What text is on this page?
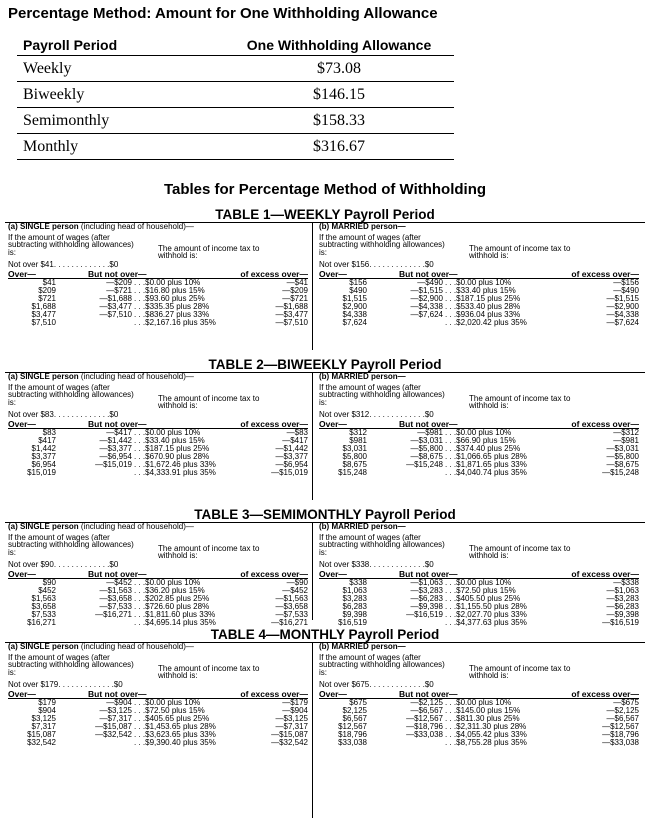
Percentage Method: Amount for One Withholding Allowance
Payroll Period	One Withholding Allowance
Weekly	$73.08
Biweekly	$146.15
Semimonthly	$158.33
Monthly	$316.67
Tables for Percentage Method of Withholding
TABLE 1—WEEKLY Payroll Period
(a) SINGLE person (including head of household)—
If the amount of wages (after subtracting withholding allowances) is:	The amount of income tax to withhold is:
Not over $41. . . . . . . . . . . . .$0
Over—	But not over—	of excess over—
$41	—$209 . . .$0.00 plus 10%	—$41
$209	—$721 . . .$16.80 plus 15%	—$209
$721	—$1,688 . . .$93.60 plus 25%	—$721
$1,688	—$3,477 . . .$335.35 plus 28%	—$1,688
$3,477	—$7,510 . . .$836.27 plus 33%	—$3,477
$7,510	. . .$2,167.16 plus 35%	—$7,510
(b) MARRIED person—
If the amount of wages (after subtracting withholding allowances) is:	The amount of income tax to withhold is:
Not over $156. . . . . . . . . . . . .$0
Over—	But not over—	of excess over—
$156	—$490 . . .$0.00 plus 10%	—$156
$490	—$1,515 . . .$33.40 plus 15%	—$490
$1,515	—$2,900 . . .$187.15 plus 25%	—$1,515
$2,900	—$4,338 . . .$533.40 plus 28%	—$2,900
$4,338	—$7,624 . . .$936.04 plus 33%	—$4,338
$7,624	. . .$2,020.42 plus 35%	—$7,624
TABLE 2—BIWEEKLY Payroll Period
(a) SINGLE person (including head of household)—
If the amount of wages (after subtracting withholding allowances) is:	The amount of income tax to withhold is:
Not over $83. . . . . . . . . . . . .$0
Over—	But not over—	of excess over—
$83	—$417 . . .$0.00 plus 10%	—$83
$417	—$1,442 . . .$33.40 plus 15%	—$417
$1,442	—$3,377 . . .$187.15 plus 25%	—$1,442
$3,377	—$6,954 . . .$670.90 plus 28%	—$3,377
$6,954	—$15,019 . . .$1,672.46 plus 33%	—$6,954
$15,019	. . .$4,333.91 plus 35%	—$15,019
(b) MARRIED person—
If the amount of wages (after subtracting withholding allowances) is:	The amount of income tax to withhold is:
Not over $312. . . . . . . . . . . . .$0
Over—	But not over—	of excess over—
$312	—$981 . . .$0.00 plus 10%	—$312
$981	—$3,031 . . .$66.90 plus 15%	—$981
$3,031	—$5,800 . . .$374.40 plus 25%	—$3,031
$5,800	—$8,675 . . .$1,066.65 plus 28%	—$5,800
$8,675	—$15,248 . . .$1,871.65 plus 33%	—$8,675
$15,248	. . .$4,040.74 plus 35%	—$15,248
TABLE 3—SEMIMONTHLY Payroll Period
(a) SINGLE person (including head of household)—
If the amount of wages (after subtracting withholding allowances) is:	The amount of income tax to withhold is:
Not over $90. . . . . . . . . . . . .$0
Over—	But not over—	of excess over—
$90	—$452 . . .$0.00 plus 10%	—$90
$452	—$1,563 . . .$36.20 plus 15%	—$452
$1,563	—$3,658 . . .$202.85 plus 25%	—$1,563
$3,658	—$7,533 . . .$726.60 plus 28%	—$3,658
$7,533	—$16,271 . . .$1,811.60 plus 33%	—$7,533
$16,271	. . .$4,695.14 plus 35%	—$16,271
(b) MARRIED person—
If the amount of wages (after subtracting withholding allowances) is:	The amount of income tax to withhold is:
Not over $338. . . . . . . . . . . . .$0
Over—	But not over—	of excess over—
$338	—$1,063 . . .$0.00 plus 10%	—$338
$1,063	—$3,283 . . .$72.50 plus 15%	—$1,063
$3,283	—$6,283 . . .$405.50 plus 25%	—$3,283
$6,283	—$9,398 . . .$1,155.50 plus 28%	—$6,283
$9,398	—$16,519 . . .$2,027.70 plus 33%	—$9,398
$16,519	. . .$4,377.63 plus 35%	—$16,519
TABLE 4—MONTHLY Payroll Period
(a) SINGLE person (including head of household)—
If the amount of wages (after subtracting withholding allowances) is:	The amount of income tax to withhold is:
Not over $179. . . . . . . . . . . . .$0
Over—	But not over—	of excess over—
$179	—$904 . . .$0.00 plus 10%	—$179
$904	—$3,125 . . .$72.50 plus 15%	—$904
$3,125	—$7,317 . . .$405.65 plus 25%	—$3,125
$7,317	—$15,087 . . .$1,453.65 plus 28%	—$7,317
$15,087	—$32,542 . . .$3,623.65 plus 33%	—$15,087
$32,542	. . .$9,390.40 plus 35%	—$32,542
(b) MARRIED person—
If the amount of wages (after subtracting withholding allowances) is:	The amount of income tax to withhold is:
Not over $675. . . . . . . . . . . . .$0
Over—	But not over—	of excess over—
$675	—$2,125 . . .$0.00 plus 10%	—$675
$2,125	—$6,567 . . .$145.00 plus 15%	—$2,125
$6,567	—$12,567 . . .$811.30 plus 25%	—$6,567
$12,567	—$18,796 . . .$2,311.30 plus 28%	—$12,567
$18,796	—$33,038 . . .$4,055.42 plus 33%	—$18,796
$33,038	. . .$8,755.28 plus 35%	—$33,038
